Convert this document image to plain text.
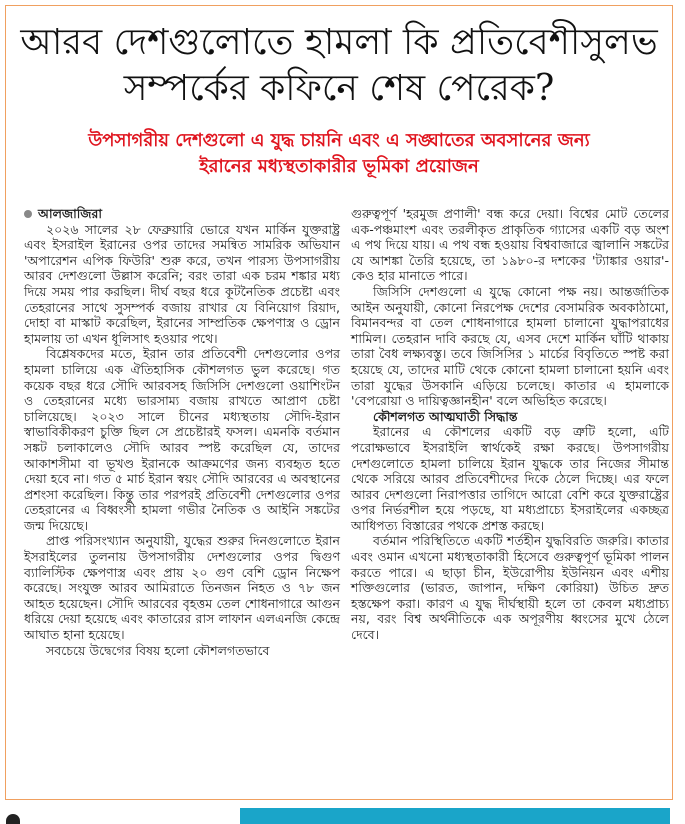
আরব দেশগুলোতে হামলা কি প্রতিবেশীসুলভ
সম্পর্কের কফিনে শেষ পেরেক?
উপসাগরীয় দেশগুলো এ যুদ্ধ চায়নি এবং এ সঙ্ঘাতের অবসানের জন্য
ইরানের মধ্যস্থতাকারীর ভূমিকা প্রয়োজন
আলজাজিরা

২০২৬ সালের ২৮ ফেব্রুয়ারি ভোরে যখন মার্কিন যুক্তরাষ্ট্র এবং ইসরাইল ইরানের ওপর তাদের সমন্বিত সামরিক অভিযান 'অপারেশন এপিক ফিউরি' শুরু করে, তখন পারস্য উপসাগরীয় আরব দেশগুলো উল্লাস করেনি; বরং তারা এক চরম শঙ্কার মধ্য দিয়ে সময় পার করছিল। দীর্ঘ বছর ধরে কূটনৈতিক প্রচেষ্টা এবং তেহরানের সাথে সুসম্পর্ক বজায় রাখার যে বিনিয়োগ রিয়াদ, দোহা বা মাস্কাট করেছিল, ইরানের সাম্প্রতিক ক্ষেপণাস্ত্র ও ড্রোন হামলায় তা এখন ধূলিসাৎ হওয়ার পথে।

বিশ্লেষকদের মতে, ইরান তার প্রতিবেশী দেশগুলোর ওপর হামলা চালিয়ে এক ঐতিহাসিক কৌশলগত ভুল করেছে। গত কয়েক বছর ধরে সৌদি আরবসহ জিসিসি দেশগুলো ওয়াশিংটন ও তেহরানের মধ্যে ভারসাম্য বজায় রাখতে আপ্রাণ চেষ্টা চালিয়েছে। ২০২৩ সালে চীনের মধ্যস্থতায় সৌদি-ইরান স্বাভাবিকীকরণ চুক্তি ছিল সে প্রচেষ্টারই ফসল। এমনকি বর্তমান সঙ্কট চলাকালেও সৌদি আরব স্পষ্ট করেছিল যে, তাদের আকাশসীমা বা ভূখণ্ড ইরানকে আক্রমণের জন্য ব্যবহৃত হতে দেয়া হবে না। গত ৫ মার্চ ইরান স্বয়ং সৌদি আরবের এ অবস্থানের প্রশংসা করেছিল। কিন্তু তার পরপরই প্রতিবেশী দেশগুলোর ওপর তেহরানের এ বিধ্বংসী হামলা গভীর নৈতিক ও আইনি সঙ্কটের জন্ম দিয়েছে।

প্রাপ্ত পরিসংখ্যান অনুযায়ী, যুদ্ধের শুরুর দিনগুলোতে ইরান ইসরাইলের তুলনায় উপসাগরীয় দেশগুলোর ওপর দ্বিগুণ ব্যালিস্টিক ক্ষেপণাস্ত্র এবং প্রায় ২০ গুণ বেশি ড্রোন নিক্ষেপ করেছে। সংযুক্ত আরব আমিরাতে তিনজন নিহত ও ৭৮ জন আহত হয়েছেন। সৌদি আরবের বৃহত্তম তেল শোধনাগারে আগুন ধরিয়ে দেয়া হয়েছে এবং কাতারের রাস লাফান এলএনজি কেন্দ্রে আঘাত হানা হয়েছে।

সবচেয়ে উদ্বেগের বিষয় হলো কৌশলগতভাবে

গুরুত্বপূর্ণ 'হরমুজ প্রণালী' বন্ধ করে দেয়া। বিশ্বের মোট তেলের এক-পঞ্চমাংশ এবং তরলীকৃত প্রাকৃতিক গ্যাসের একটি বড় অংশ এ পথ দিয়ে যায়। এ পথ বন্ধ হওয়ায় বিশ্ববাজারে জ্বালানি সঙ্কটের যে আশঙ্কা তৈরি হয়েছে, তা ১৯৮০-র দশকের 'ট্যাঙ্কার ওয়ার'-কেও হার মানাতে পারে।

জিসিসি দেশগুলো এ যুদ্ধে কোনো পক্ষ নয়। আন্তর্জাতিক আইন অনুযায়ী, কোনো নিরপেক্ষ দেশের বেসামরিক অবকাঠামো, বিমানবন্দর বা তেল শোধনাগারে হামলা চালানো যুদ্ধাপরাধের শামিল। তেহরান দাবি করছে যে, এসব দেশে মার্কিন ঘাঁটি থাকায় তারা বৈধ লক্ষ্যবস্তু। তবে জিসিসির ১ মার্চের বিবৃতিতে স্পষ্ট করা হয়েছে যে, তাদের মাটি থেকে কোনো হামলা চালানো হয়নি এবং তারা যুদ্ধের উসকানি এড়িয়ে চলেছে। কাতার এ হামলাকে 'বেপরোয়া ও দায়িত্বজ্ঞানহীন' বলে অভিহিত করেছে।

কৌশলগত আত্মঘাতী সিদ্ধান্ত

ইরানের এ কৌশলের একটি বড় ত্রুটি হলো, এটি পরোক্ষভাবে ইসরাইলি স্বার্থকেই রক্ষা করছে। উপসাগরীয় দেশগুলোতে হামলা চালিয়ে ইরান যুদ্ধকে তার নিজের সীমান্ত থেকে সরিয়ে আরব প্রতিবেশীদের দিকে ঠেলে দিচ্ছে। এর ফলে আরব দেশগুলো নিরাপত্তার তাগিদে আরো বেশি করে যুক্তরাষ্ট্রের ওপর নির্ভরশীল হয়ে পড়ছে, যা মধ্যপ্রাচ্যে ইসরাইলের একচ্ছত্র আধিপত্য বিস্তারের পথকে প্রশস্ত করছে।

বর্তমান পরিস্থিতিতে একটি শর্তহীন যুদ্ধবিরতি জরুরি। কাতার এবং ওমান এখনো মধ্যস্থতাকারী হিসেবে গুরুত্বপূর্ণ ভূমিকা পালন করতে পারে। এ ছাড়া চীন, ইউরোপীয় ইউনিয়ন এবং এশীয় শক্তিগুলোর (ভারত, জাপান, দক্ষিণ কোরিয়া) উচিত দ্রুত হস্তক্ষেপ করা। কারণ এ যুদ্ধ দীর্ঘস্থায়ী হলে তা কেবল মধ্যপ্রাচ্য নয়, বরং বিশ্ব অর্থনীতিকে এক অপূরণীয় ধ্বংসের মুখে ঠেলে দেবে।
